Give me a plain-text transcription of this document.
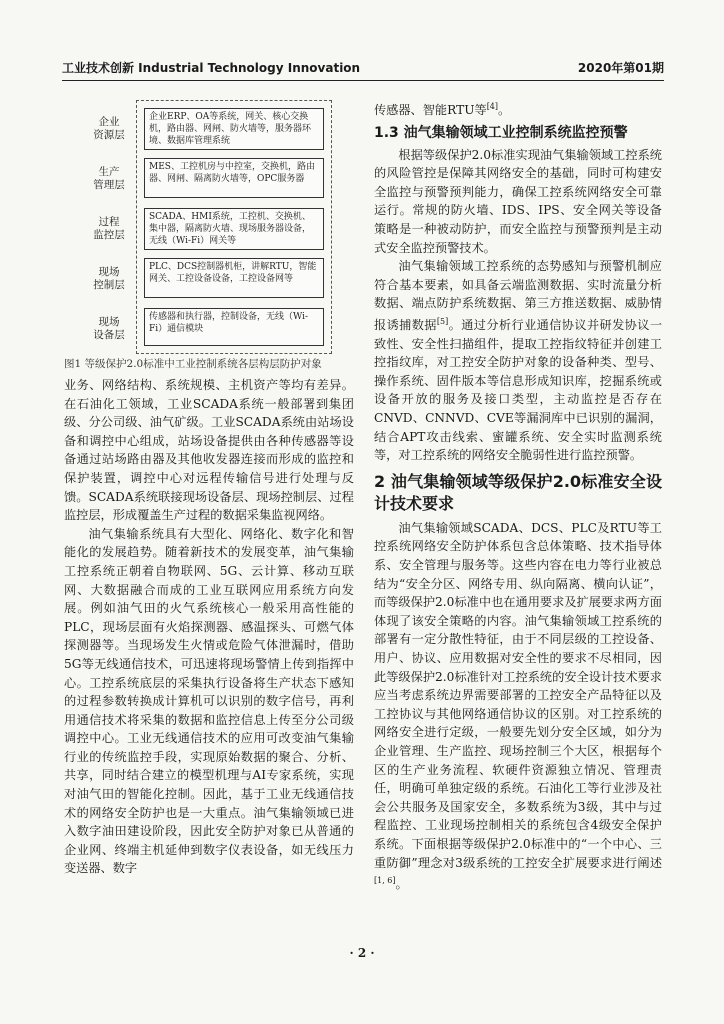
工业技术创新 Industrial Technology Innovation	2020年第01期
企业
资源层
企业ERP、OA等系统，网关、核心交换机，路由器、网闸、防火墙等，服务器环境、数据库管理系统
生产
管理层
MES、工控机房与中控室，交换机，路由器、网闸、隔离防火墙等，OPC服务器
过程
监控层
SCADA、HMI系统，工控机、交换机、集中器，隔离防火墙、现场服务器设备，无线（Wi-Fi）网关等
现场
控制层
PLC、DCS控制器机柜，讲解RTU，智能网关、工控设备设备，工控设备网等
现场
设备层
传感器和执行器，控制设备，无线（Wi-Fi）通信模块
图1 等级保护2.0标准中工业控制系统各层构层防护对象

业务、网络结构、系统规模、主机资产等均有差异。在石油化工领域，工业SCADA系统一般部署到集团级、分公司级、油气矿级。工业SCADA系统由站场设备和调控中心组成，站场设备提供由各种传感器等设备通过站场路由器及其他收发器连接而形成的监控和保护装置，调控中心对远程传输信号进行处理与反馈。SCADA系统联接现场设备层、现场控制层、过程监控层，形成覆盖生产过程的数据采集监视网络。

油气集输系统具有大型化、网络化、数字化和智能化的发展趋势。随着新技术的发展变革，油气集输工控系统正朝着自物联网、5G、云计算、移动互联网、大数据融合而成的工业互联网应用系统方向发展。例如油气田的火气系统核心一般采用高性能的PLC，现场层面有火焰探测器、感温探头、可燃气体探测器等。当现场发生火情或危险气体泄漏时，借助5G等无线通信技术，可迅速将现场警情上传到指挥中心。工控系统底层的采集执行设备将生产状态下感知的过程参数转换成计算机可以识别的数字信号，再利用通信技术将采集的数据和监控信息上传至分公司级调控中心。工业无线通信技术的应用可改变油气集输行业的传统监控手段，实现原始数据的聚合、分析、共享，同时结合建立的模型机理与AI专家系统，实现对油气田的智能化控制。因此，基于工业无线通信技术的网络安全防护也是一大重点。油气集输领域已进入数字油田建设阶段，因此安全防护对象已从普通的企业网、终端主机延伸到数字仪表设备，如无线压力变送器、数字

传感器、智能RTU等[4]。

1.3 油气集输领域工业控制系统监控预警

根据等级保护2.0标准实现油气集输领域工控系统的风险管控是保障其网络安全的基础，同时可构建安全监控与预警预判能力，确保工控系统网络安全可靠运行。常规的防火墙、IDS、IPS、安全网关等设备策略是一种被动防护，而安全监控与预警预判是主动式安全监控预警技术。

油气集输领域工控系统的态势感知与预警机制应符合基本要素，如具备云端监测数据、实时流量分析数据、端点防护系统数据、第三方推送数据、威胁情报诱捕数据[5]。通过分析行业通信协议并研发协议一致性、安全性扫描组件，提取工控指纹特征并创建工控指纹库，对工控安全防护对象的设备种类、型号、操作系统、固件版本等信息形成知识库，挖掘系统或设备开放的服务及接口类型，主动监控是否存在CNVD、CNNVD、CVE等漏洞库中已识别的漏洞，结合APT攻击线索、蜜罐系统、安全实时监测系统等，对工控系统的网络安全脆弱性进行监控预警。

2 油气集输领域等级保护2.0标准安全设计技术要求

油气集输领域SCADA、DCS、PLC及RTU等工控系统网络安全防护体系包含总体策略、技术指导体系、安全管理与服务等。这些内容在电力等行业被总结为“安全分区、网络专用、纵向隔离、横向认证”，而等级保护2.0标准中也在通用要求及扩展要求两方面体现了该安全策略的内容。油气集输领域工控系统的部署有一定分散性特征，由于不同层级的工控设备、用户、协议、应用数据对安全性的要求不尽相同，因此等级保护2.0标准针对工控系统的安全设计技术要求应当考虑系统边界需要部署的工控安全产品特征以及工控协议与其他网络通信协议的区别。对工控系统的网络安全进行定级，一般要先划分安全区域，如分为企业管理、生产监控、现场控制三个大区，根据每个区的生产业务流程、软硬件资源独立情况、管理责任，明确可单独定级的系统。石油化工等行业涉及社会公共服务及国家安全，多数系统为3级，其中与过程监控、工业现场控制相关的系统包含4级安全保护系统。下面根据等级保护2.0标准中的“一个中心、三重防御”理念对3级系统的工控安全扩展要求进行阐述[1, 6]。

· 2 ·
